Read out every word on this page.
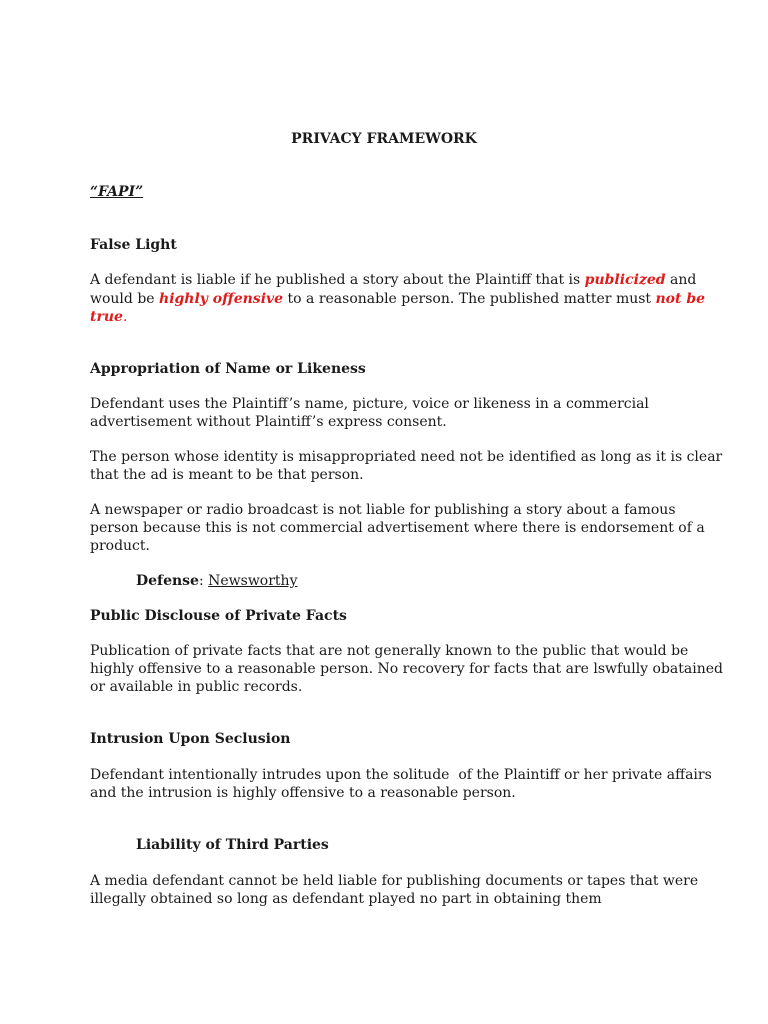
PRIVACY FRAMEWORK

“FAPI”

False Light

A defendant is liable if he published a story about the Plaintiff that is publicized and

would be highly offensive to a reasonable person. The published matter must not be

true.

Appropriation of Name or Likeness

Defendant uses the Plaintiff’s name, picture, voice or likeness in a commercial

advertisement without Plaintiff’s express consent.

The person whose identity is misappropriated need not be identified as long as it is clear

that the ad is meant to be that person.

A newspaper or radio broadcast is not liable for publishing a story about a famous

person because this is not commercial advertisement where there is endorsement of a

product.

Defense: Newsworthy

Public Disclouse of Private Facts

Publication of private facts that are not generally known to the public that would be

highly offensive to a reasonable person. No recovery for facts that are lswfully obatained

or available in public records.

Intrusion Upon Seclusion

Defendant intentionally intrudes upon the solitude  of the Plaintiff or her private affairs

and the intrusion is highly offensive to a reasonable person.

Liability of Third Parties

A media defendant cannot be held liable for publishing documents or tapes that were

illegally obtained so long as defendant played no part in obtaining them
